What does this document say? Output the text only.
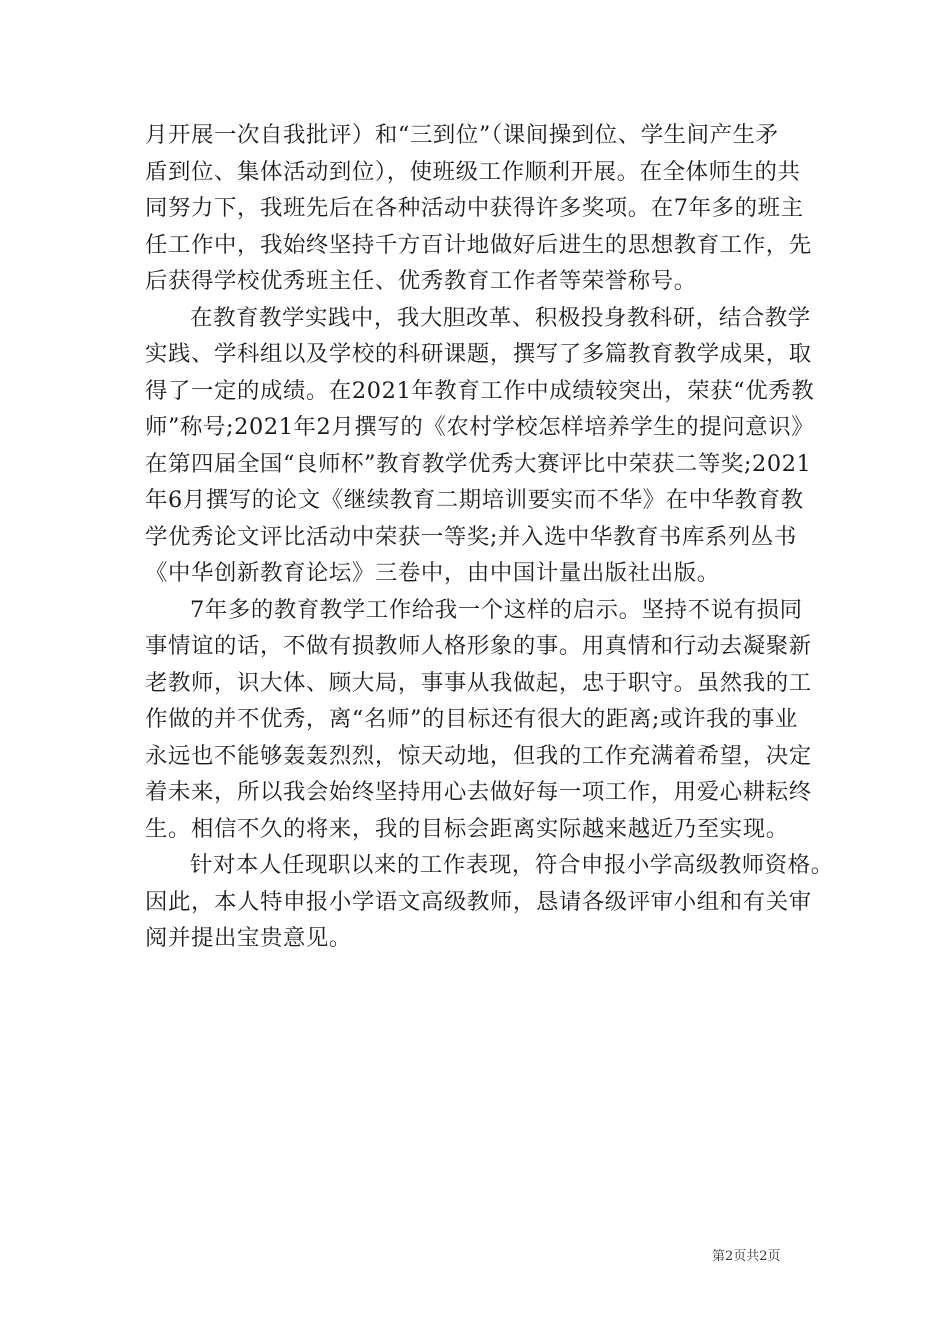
月开展一次自我批评）和“三到位”（课间操到位、学生间产生矛
盾到位、集体活动到位），使班级工作顺利开展。在全体师生的共
同努力下，我班先后在各种活动中获得许多奖项。在7年多的班主
任工作中，我始终坚持千方百计地做好后进生的思想教育工作，先
后获得学校优秀班主任、优秀教育工作者等荣誉称号。
在教育教学实践中，我大胆改革、积极投身教科研，结合教学
实践、学科组以及学校的科研课题，撰写了多篇教育教学成果，取
得了一定的成绩。在2021年教育工作中成绩较突出，荣获“优秀教
师”称号;2021年2月撰写的《农村学校怎样培养学生的提问意识》
在第四届全国“良师杯”教育教学优秀大赛评比中荣获二等奖;2021
年6月撰写的论文《继续教育二期培训要实而不华》在中华教育教
学优秀论文评比活动中荣获一等奖;并入选中华教育书库系列丛书
《中华创新教育论坛》三卷中，由中国计量出版社出版。
7年多的教育教学工作给我一个这样的启示。坚持不说有损同
事情谊的话，不做有损教师人格形象的事。用真情和行动去凝聚新
老教师，识大体、顾大局，事事从我做起，忠于职守。虽然我的工
作做的并不优秀，离“名师”的目标还有很大的距离;或许我的事业
永远也不能够轰轰烈烈，惊天动地，但我的工作充满着希望，决定
着未来，所以我会始终坚持用心去做好每一项工作，用爱心耕耘终
生。相信不久的将来，我的目标会距离实际越来越近乃至实现。
针对本人任现职以来的工作表现，符合申报小学高级教师资格。
因此，本人特申报小学语文高级教师，恳请各级评审小组和有关审
阅并提出宝贵意见。
第2页共2页
